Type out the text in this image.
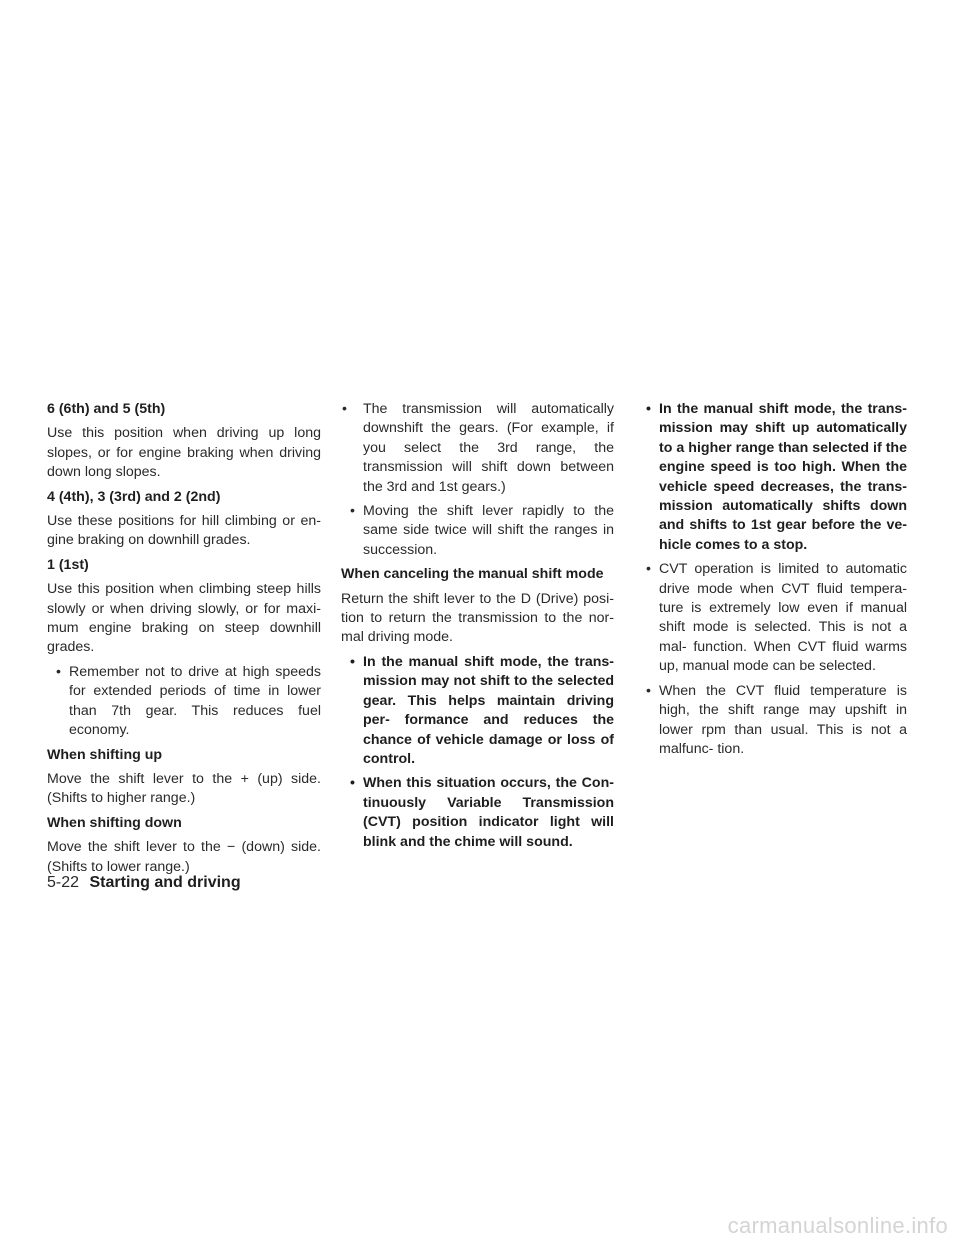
6 (6th) and 5 (5th)

Use this position when driving up long slopes, or for engine braking when driving down long slopes.

4 (4th), 3 (3rd) and 2 (2nd)

Use these positions for hill climbing or en- gine braking on downhill grades.

1 (1st)

Use this position when climbing steep hills slowly or when driving slowly, or for maxi- mum engine braking on steep downhill grades.

• Remember not to drive at high speeds for extended periods of time in lower than 7th gear. This reduces fuel economy.
When shifting up

Move the shift lever to the + (up) side. (Shifts to higher range.)

When shifting down

Move the shift lever to the − (down) side. (Shifts to lower range.)

• The transmission will automatically downshift the gears. (For example, if you select the 3rd range, the transmission will shift down between the 3rd and 1st gears.)
• Moving the shift lever rapidly to the same side twice will shift the ranges in succession.
When canceling the manual shift mode

Return the shift lever to the D (Drive) posi- tion to return the transmission to the nor- mal driving mode.

• In the manual shift mode, the trans- mission may not shift to the selected gear. This helps maintain driving per- formance and reduces the chance of vehicle damage or loss of control.
• When this situation occurs, the Con- tinuously Variable Transmission (CVT) position indicator light will blink and the chime will sound.
• In the manual shift mode, the trans- mission may shift up automatically to a higher range than selected if the engine speed is too high. When the vehicle speed decreases, the trans- mission automatically shifts down and shifts to 1st gear before the ve- hicle comes to a stop.
• CVT operation is limited to automatic drive mode when CVT fluid tempera- ture is extremely low even if manual shift mode is selected. This is not a mal- function. When CVT fluid warms up, manual mode can be selected.
• When the CVT fluid temperature is high, the shift range may upshift in lower rpm than usual. This is not a malfunc- tion.
5-22 Starting and driving
carmanualsonline.info
